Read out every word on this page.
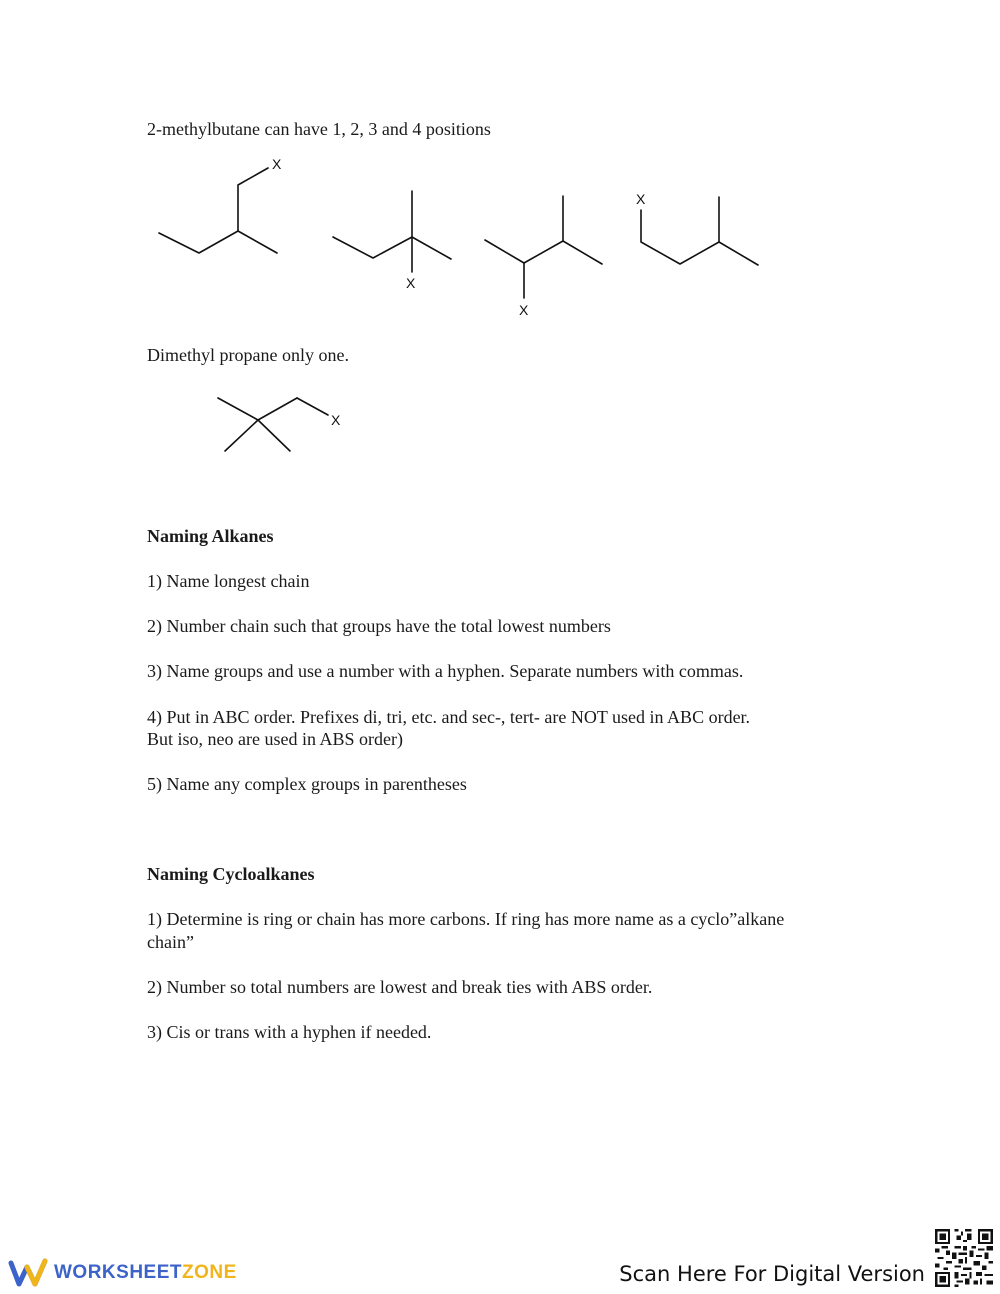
2-methylbutane can have 1, 2, 3 and 4 positions
X
X
X
X
Dimethyl propane only one.
X
Naming Alkanes
1) Name longest chain
2) Number chain such that groups have the total lowest numbers
3) Name groups and use a number with a hyphen. Separate numbers with commas.
4) Put in ABC order. Prefixes di, tri, etc. and sec-, tert- are NOT used in ABC order.
But iso, neo are used in ABS order)
5) Name any complex groups in parentheses
Naming Cycloalkanes
1) Determine is ring or chain has more carbons. If ring has more name as a cyclo”alkane
chain”
2) Number so total numbers are lowest and break ties with ABS order.
3) Cis or trans with a hyphen if needed.
WORKSHEETZONE	Scan Here For Digital Version
